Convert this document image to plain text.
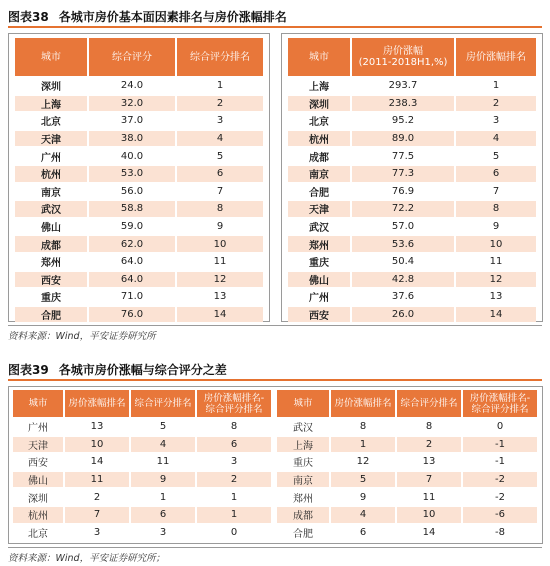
图表38 各城市房价基本面因素排名与房价涨幅排名
城市	综合评分	综合评分排名
深圳	24.0	1
上海	32.0	2
北京	37.0	3
天津	38.0	4
广州	40.0	5
杭州	53.0	6
南京	56.0	7
武汉	58.8	8
佛山	59.0	9
成都	62.0	10
郑州	64.0	11
西安	64.0	12
重庆	71.0	13
合肥	76.0	14
城市	房价涨幅
(2011-2018H1,%)	房价涨幅排名
上海	293.7	1
深圳	238.3	2
北京	95.2	3
杭州	89.0	4
成都	77.5	5
南京	77.3	6
合肥	76.9	7
天津	72.2	8
武汉	57.0	9
郑州	53.6	10
重庆	50.4	11
佛山	42.8	12
广州	37.6	13
西安	26.0	14
资料来源：Wind，平安证券研究所
图表39 各城市房价涨幅与综合评分之差
城市	房价涨幅排名	综合评分排名	房价涨幅排名-
综合评分排名
广州	13	5	8
天津	10	4	6
西安	14	11	3
佛山	11	9	2
深圳	2	1	1
杭州	7	6	1
北京	3	3	0
城市	房价涨幅排名	综合评分排名	房价涨幅排名-
综合评分排名
武汉	8	8	0
上海	1	2	-1
重庆	12	13	-1
南京	5	7	-2
郑州	9	11	-2
成都	4	10	-6
合肥	6	14	-8
资料来源：Wind，平安证券研究所；
